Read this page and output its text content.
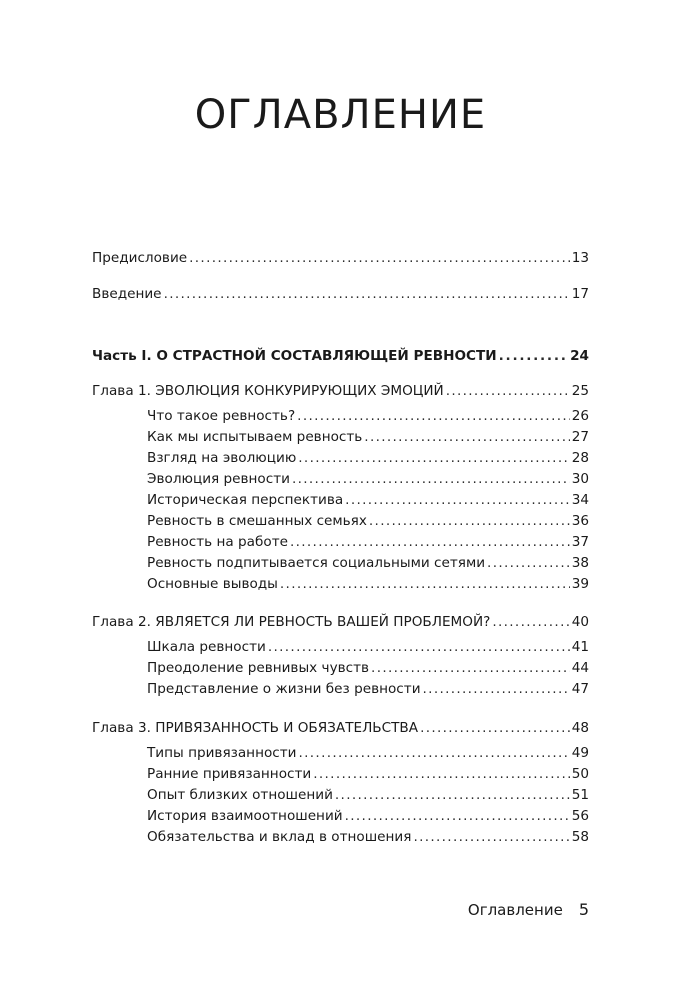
ОГЛАВЛЕНИЕ
Предисловие . . .	13
Введение . . .	17
Часть I. О СТРАСТНОЙ СОСТАВЛЯЮЩЕЙ РЕВНОСТИ . . .	24
Глава 1. ЭВОЛЮЦИЯ КОНКУРИРУЮЩИХ ЭМОЦИЙ . . .	25
Что такое ревность? . . .	26
Как мы испытываем ревность . . .	27
Взгляд на эволюцию . . .	28
Эволюция ревности . . .	30
Историческая перспектива . . .	34
Ревность в смешанных семьях . . .	36
Ревность на работе . . .	37
Ревность подпитывается социальными сетями . . .	38
Основные выводы . . .	39
Глава 2. ЯВЛЯЕТСЯ ЛИ РЕВНОСТЬ ВАШЕЙ ПРОБЛЕМОЙ? . . .	40
Шкала ревности . . .	41
Преодоление ревнивых чувств . . .	44
Представление о жизни без ревности . . .	47
Глава 3. ПРИВЯЗАННОСТЬ И ОБЯЗАТЕЛЬСТВА . . .	48
Типы привязанности . . .	49
Ранние привязанности . . .	50
Опыт близких отношений . . .	51
История взаимоотношений . . .	56
Обязательства и вклад в отношения . . .	58
Оглавление 5
